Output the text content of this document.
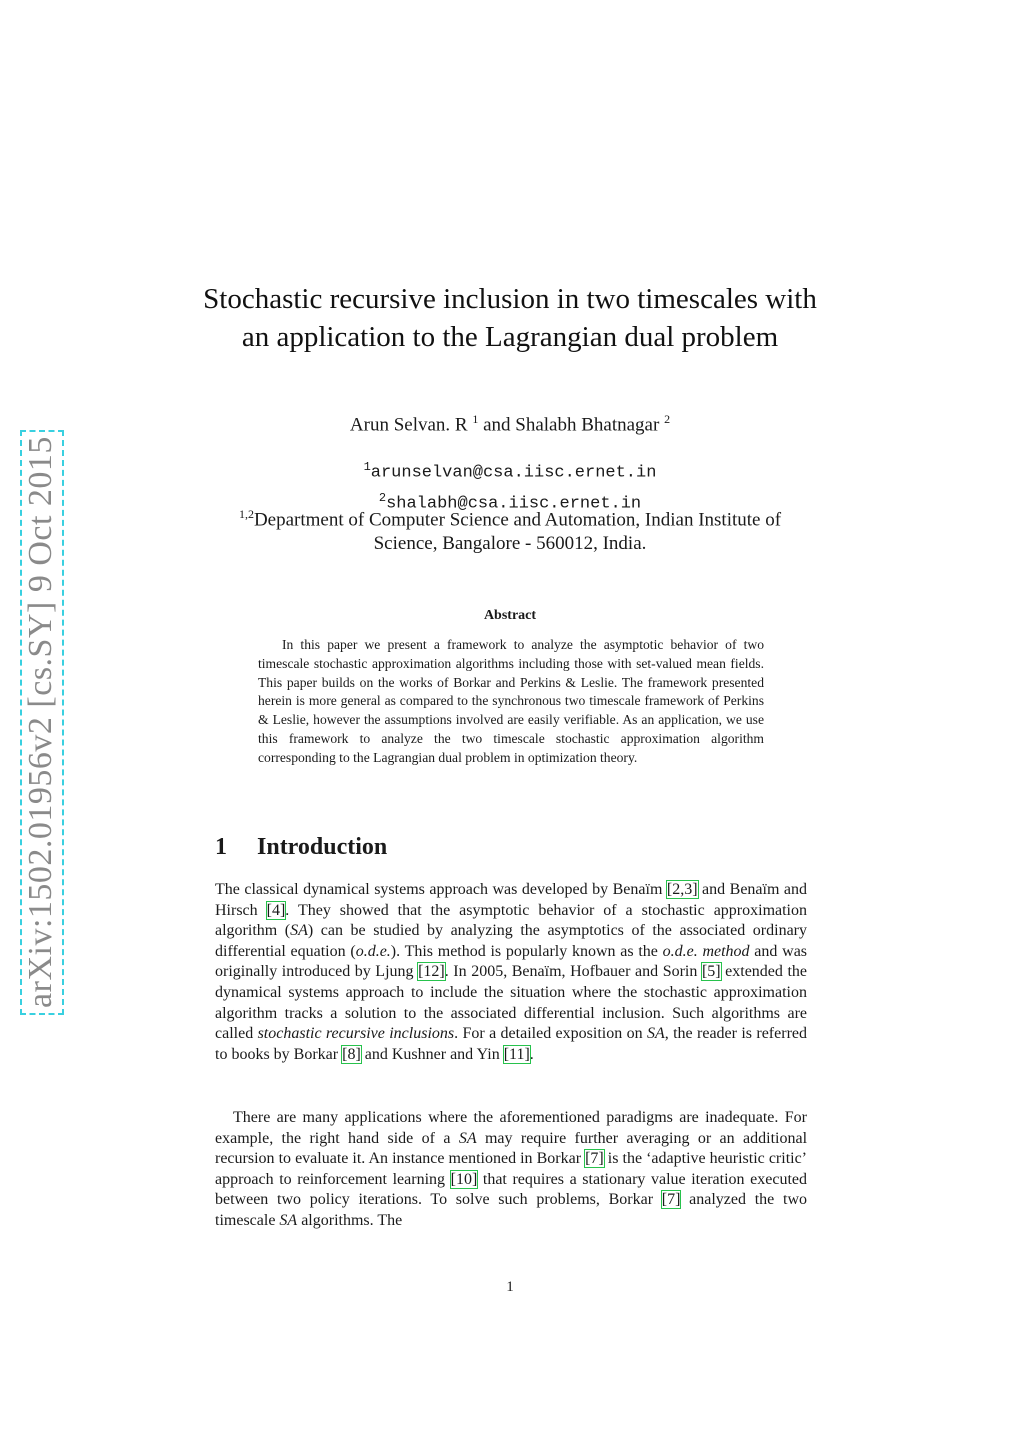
arXiv:1502.01956v2 [cs.SY] 9 Oct 2015
Stochastic recursive inclusion in two timescales with an application to the Lagrangian dual problem
Arun Selvan. R $^1$ and Shalabh Bhatnagar $^2$
$^1$arunselvan@csa.iisc.ernet.in
$^2$shalabh@csa.iisc.ernet.in
$^{1,2}$Department of Computer Science and Automation, Indian Institute of Science, Bangalore - 560012, India.
Abstract
In this paper we present a framework to analyze the asymptotic behavior of two timescale stochastic approximation algorithms including those with set-valued mean fields. This paper builds on the works of Borkar and Perkins & Leslie. The framework presented herein is more general as compared to the synchronous two timescale framework of Perkins & Leslie, however the assumptions involved are easily verifiable. As an application, we use this framework to analyze the two timescale stochastic approximation algorithm corresponding to the Lagrangian dual problem in optimization theory.
1 Introduction
The classical dynamical systems approach was developed by Benaïm [2,3] and Benaïm and Hirsch [4]. They showed that the asymptotic behavior of a stochastic approximation algorithm (SA) can be studied by analyzing the asymptotics of the associated ordinary differential equation (o.d.e.). This method is popularly known as the o.d.e. method and was originally introduced by Ljung [12]. In 2005, Benaïm, Hofbauer and Sorin [5] extended the dynamical systems approach to include the situation where the stochastic approximation algorithm tracks a solution to the associated differential inclusion. Such algorithms are called stochastic recursive inclusions. For a detailed exposition on SA, the reader is referred to books by Borkar [8] and Kushner and Yin [11].
There are many applications where the aforementioned paradigms are inadequate. For example, the right hand side of a SA may require further averaging or an additional recursion to evaluate it. An instance mentioned in Borkar [7] is the ‘adaptive heuristic critic’ approach to reinforcement learning [10] that requires a stationary value iteration executed between two policy iterations. To solve such problems, Borkar [7] analyzed the two timescale SA algorithms. The
1
